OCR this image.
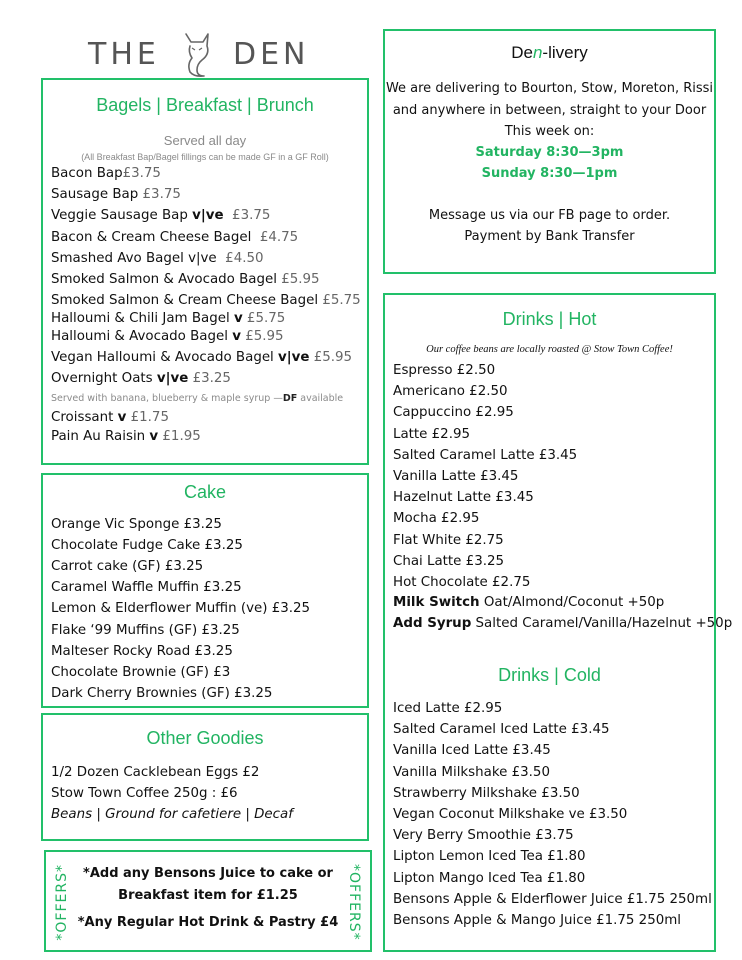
THE DEN
Bagels | Breakfast | Brunch
Served all day
(All Breakfast Bap/Bagel fillings can be made GF in a GF Roll)
Served with banana, blueberry & maple syrup —DF available
Bacon Bap£3.75
Sausage Bap £3.75
Veggie Sausage Bap v|ve  £3.75
Bacon & Cream Cheese Bagel  £4.75
Smashed Avo Bagel v|ve  £4.50
Smoked Salmon & Avocado Bagel £5.95
Smoked Salmon & Cream Cheese Bagel £5.75
Halloumi & Chili Jam Bagel v £5.75
Halloumi & Avocado Bagel v £5.95
Vegan Halloumi & Avocado Bagel v|ve £5.95
Overnight Oats v|ve £3.25
Croissant v £1.75
Pain Au Raisin v £1.95
Cake
Orange Vic Sponge £3.25
Chocolate Fudge Cake £3.25
Carrot cake (GF) £3.25
Caramel Waffle Muffin £3.25
Lemon & Elderflower Muffin (ve) £3.25
Flake ‘99 Muffins (GF) £3.25
Malteser Rocky Road £3.25
Chocolate Brownie (GF) £3
Dark Cherry Brownies (GF) £3.25
Other Goodies
1/2 Dozen Cacklebean Eggs £2
Stow Town Coffee 250g : £6
Beans | Ground for cafetiere | Decaf
*OFFERS*	*OFFERS*
*Add any Bensons Juice to cake or
Breakfast item for £1.25
*Any Regular Hot Drink & Pastry £4
Den-livery
We are delivering to Bourton, Stow, Moreton, Rissi
and anywhere in between, straight to your Door
This week on:
Saturday 8:30—3pm
Sunday 8:30—1pm
Message us via our FB page to order.
Payment by Bank Transfer
Drinks | Hot
Our coffee beans are locally roasted @ Stow Town Coffee!
Milk Switch Oat/Almond/Coconut +50p
Add Syrup Salted Caramel/Vanilla/Hazelnut +50p
Drinks | Cold
Espresso £2.50
Americano £2.50
Cappuccino £2.95
Latte £2.95
Salted Caramel Latte £3.45
Vanilla Latte £3.45
Hazelnut Latte £3.45
Mocha £2.95
Flat White £2.75
Chai Latte £3.25
Hot Chocolate £2.75
Iced Latte £2.95
Salted Caramel Iced Latte £3.45
Vanilla Iced Latte £3.45
Vanilla Milkshake £3.50
Strawberry Milkshake £3.50
Vegan Coconut Milkshake ve £3.50
Very Berry Smoothie £3.75
Lipton Lemon Iced Tea £1.80
Lipton Mango Iced Tea £1.80
Bensons Apple & Elderflower Juice £1.75 250ml
Bensons Apple & Mango Juice £1.75 250ml
